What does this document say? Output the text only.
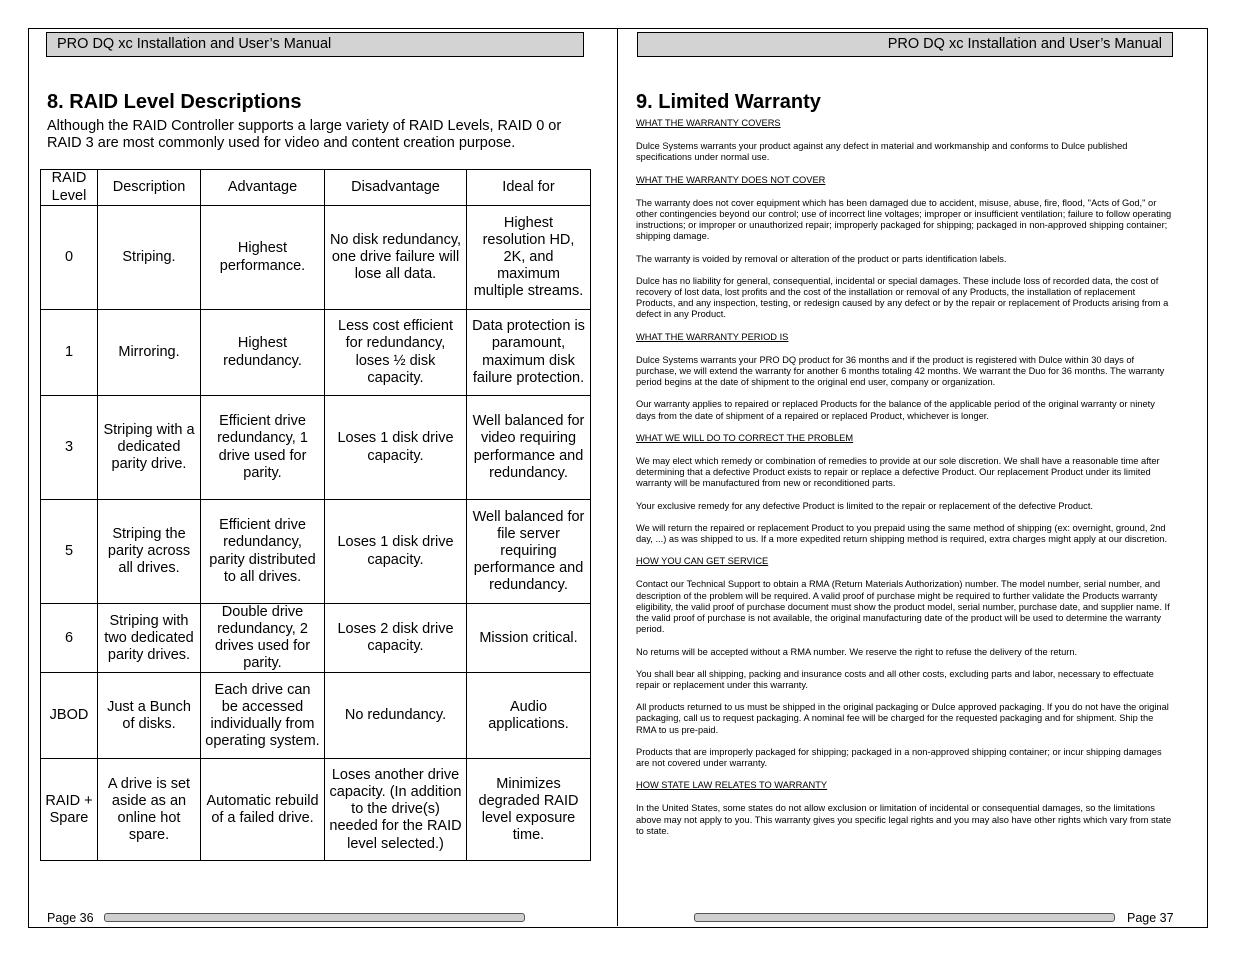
PRO DQ xc Installation and User’s Manual
8. RAID Level Descriptions

Although the RAID Controller supports a large variety of RAID Levels, RAID 0 or RAID 3 are most commonly used for video and content creation purpose.

RAID Level	Description	Advantage	Disadvantage	Ideal for
0	Striping.	Highest performance.	No disk redundancy, one drive failure will lose all data.	Highest resolution HD, 2K, and maximum multiple streams.
1	Mirroring.	Highest redundancy.	Less cost efficient for redundancy, loses ½ disk capacity.	Data protection is paramount, maximum disk failure protection.
3	Striping with a dedicated parity drive.	Efficient drive redundancy, 1 drive used for parity.	Loses 1 disk drive capacity.	Well balanced for video requiring performance and redundancy.
5	Striping the parity across all drives.	Efficient drive redundancy, parity distributed to all drives.	Loses 1 disk drive capacity.	Well balanced for file server requiring performance and redundancy.
6	Striping with two dedicated parity drives.	Double drive redundancy, 2 drives used for parity.	Loses 2 disk drive capacity.	Mission critical.
JBOD	Just a Bunch of disks.	Each drive can be accessed individually from operating system.	No redundancy.	Audio applications.
RAID + Spare	A drive is set aside as an online hot spare.	Automatic rebuild of a failed drive.	Loses another drive capacity. (In addition to the drive(s) needed for the RAID level selected.)	Minimizes degraded RAID level exposure time.
Page 36
PRO DQ xc Installation and User’s Manual
9. Limited Warranty

WHAT THE WARRANTY COVERS

Dulce Systems warrants your product against any defect in material and workmanship and conforms to Dulce published specifications under normal use.

WHAT THE WARRANTY DOES NOT COVER

The warranty does not cover equipment which has been damaged due to accident, misuse, abuse, fire, flood, "Acts of God," or other contingencies beyond our control; use of incorrect line voltages; improper or insufficient ventilation; failure to follow operating instructions; or improper or unauthorized repair; improperly packaged for shipping; packaged in non-approved shipping container; shipping damage.

The warranty is voided by removal or alteration of the product or parts identification labels.

Dulce has no liability for general, consequential, incidental or special damages. These include loss of recorded data, the cost of recovery of lost data, lost profits and the cost of the installation or removal of any Products, the installation of replacement Products, and any inspection, testing, or redesign caused by any defect or by the repair or replacement of Products arising from a defect in any Product.

WHAT THE WARRANTY PERIOD IS

Dulce Systems warrants your PRO DQ product for 36 months and if the product is registered with Dulce within 30 days of purchase, we will extend the warranty for another 6 months totaling 42 months. We warrant the Duo for 36 months. The warranty period begins at the date of shipment to the original end user, company or organization.

Our warranty applies to repaired or replaced Products for the balance of the applicable period of the original warranty or ninety days from the date of shipment of a repaired or replaced Product, whichever is longer.

WHAT WE WILL DO TO CORRECT THE PROBLEM

We may elect which remedy or combination of remedies to provide at our sole discretion. We shall have a reasonable time after determining that a defective Product exists to repair or replace a defective Product. Our replacement Product under its limited warranty will be manufactured from new or reconditioned parts.

Your exclusive remedy for any defective Product is limited to the repair or replacement of the defective Product.

We will return the repaired or replacement Product to you prepaid using the same method of shipping (ex: overnight, ground, 2nd day, ...) as was shipped to us. If a more expedited return shipping method is required, extra charges might apply at our discretion.

HOW YOU CAN GET SERVICE

Contact our Technical Support to obtain a RMA (Return Materials Authorization) number. The model number, serial number, and description of the problem will be required. A valid proof of purchase might be required to further validate the Products warranty eligibility, the valid proof of purchase document must show the product model, serial number, purchase date, and supplier name. If the valid proof of purchase is not available, the original manufacturing date of the product will be used to determine the warranty period.

No returns will be accepted without a RMA number. We reserve the right to refuse the delivery of the return.

You shall bear all shipping, packing and insurance costs and all other costs, excluding parts and labor, necessary to effectuate repair or replacement under this warranty.

All products returned to us must be shipped in the original packaging or Dulce approved packaging. If you do not have the original packaging, call us to request packaging. A nominal fee will be charged for the requested packaging and for shipment. Ship the RMA to us pre-paid.

Products that are improperly packaged for shipping; packaged in a non-approved shipping container; or incur shipping damages are not covered under warranty.

HOW STATE LAW RELATES TO WARRANTY

In the United States, some states do not allow exclusion or limitation of incidental or consequential damages, so the limitations above may not apply to you. This warranty gives you specific legal rights and you may also have other rights which vary from state to state.

Page 37
